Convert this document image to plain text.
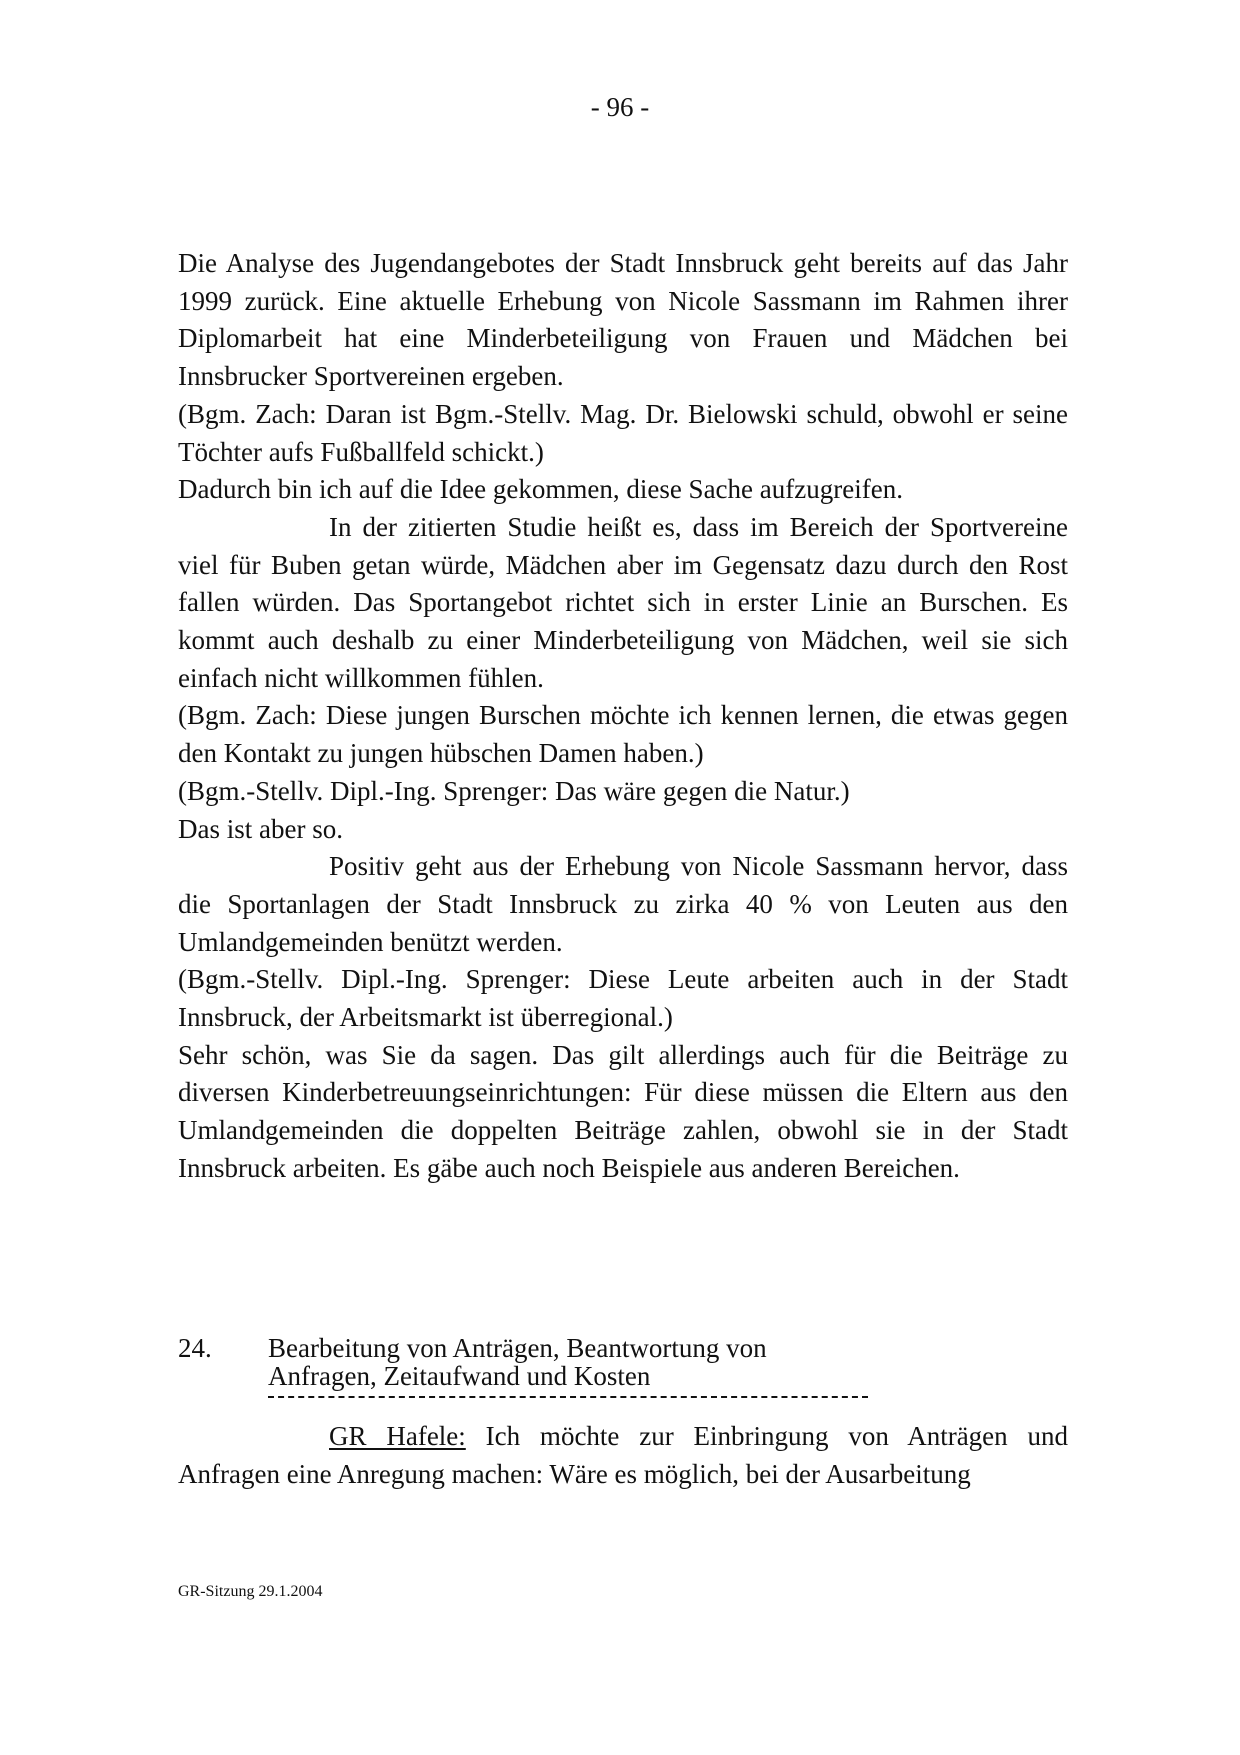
- 96 -

Die Analyse des Jugendangebotes der Stadt Innsbruck geht bereits auf das Jahr 1999 zurück. Eine aktuelle Erhebung von Nicole Sassmann im Rahmen ihrer Diplomarbeit hat eine Minderbeteiligung von Frauen und Mädchen bei Innsbrucker Sportvereinen ergeben.

(Bgm. Zach: Daran ist Bgm.-Stellv. Mag. Dr. Bielowski schuld, obwohl er seine Töchter aufs Fußballfeld schickt.)

Dadurch bin ich auf die Idee gekommen, diese Sache aufzugreifen.

In der zitierten Studie heißt es, dass im Bereich der Sportvereine viel für Buben getan würde, Mädchen aber im Gegensatz dazu durch den Rost fallen würden. Das Sportangebot richtet sich in erster Linie an Burschen. Es kommt auch deshalb zu einer Minderbeteiligung von Mädchen, weil sie sich einfach nicht willkommen fühlen.

(Bgm. Zach: Diese jungen Burschen möchte ich kennen lernen, die etwas gegen den Kontakt zu jungen hübschen Damen haben.)

(Bgm.-Stellv. Dipl.-Ing. Sprenger: Das wäre gegen die Natur.)

Das ist aber so.

Positiv geht aus der Erhebung von Nicole Sassmann hervor, dass die Sportanlagen der Stadt Innsbruck zu zirka 40 % von Leuten aus den Umlandgemeinden benützt werden.

(Bgm.-Stellv. Dipl.-Ing. Sprenger: Diese Leute arbeiten auch in der Stadt Innsbruck, der Arbeitsmarkt ist überregional.)

Sehr schön, was Sie da sagen. Das gilt allerdings auch für die Beiträge zu diversen Kinderbetreuungseinrichtungen: Für diese müssen die Eltern aus den Umlandgemeinden die doppelten Beiträge zahlen, obwohl sie in der Stadt Innsbruck arbeiten. Es gäbe auch noch Beispiele aus anderen Bereichen.

24. Bearbeitung von Anträgen, Beantwortung von Anfragen, Zeitaufwand und Kosten

GR Hafele: Ich möchte zur Einbringung von Anträgen und Anfragen eine Anregung machen: Wäre es möglich, bei der Ausarbeitung

GR-Sitzung 29.1.2004
